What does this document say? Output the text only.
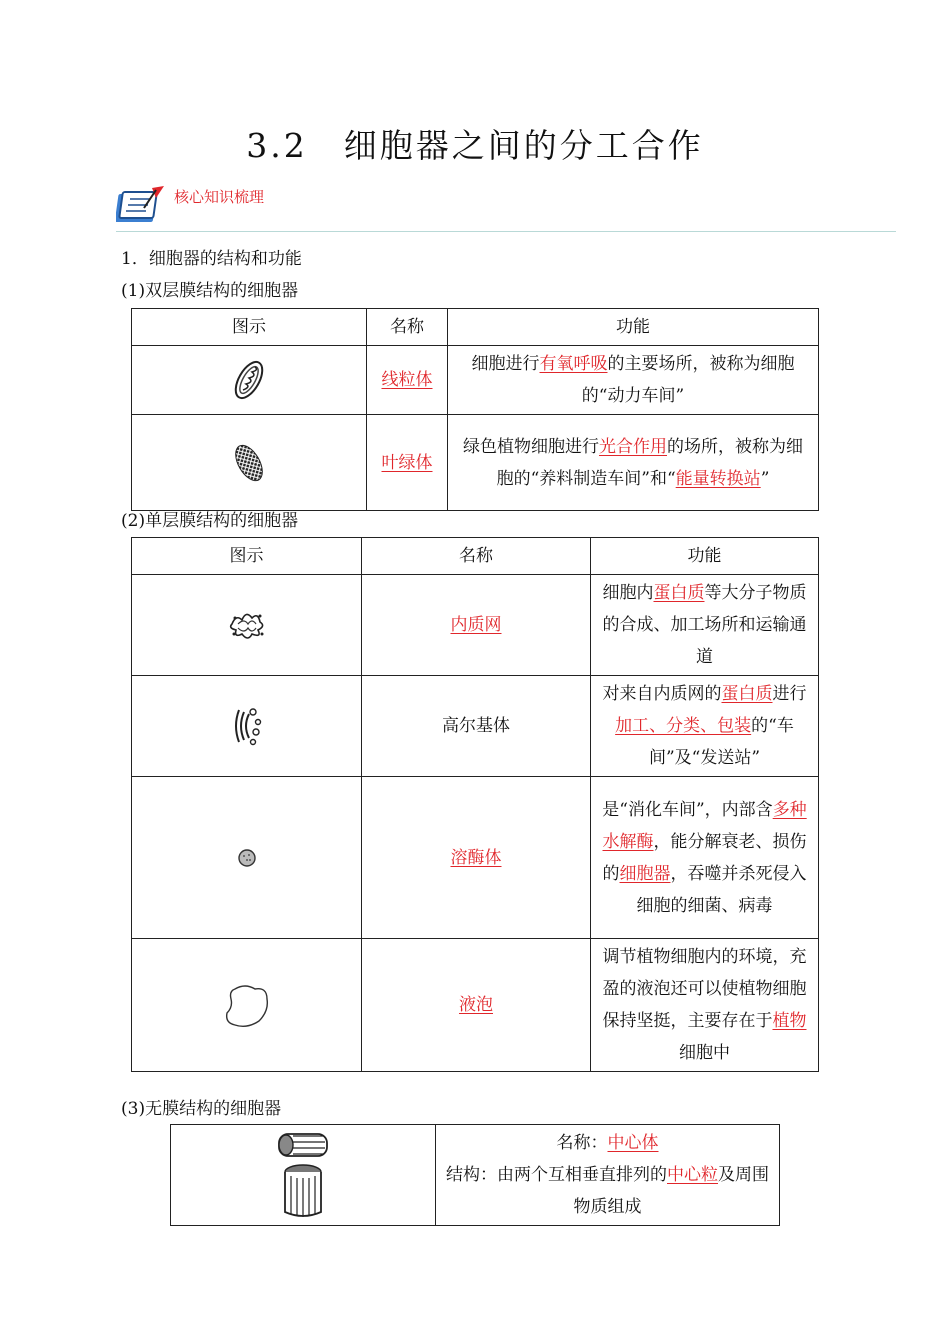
3.2　细胞器之间的分工合作
核心知识梳理
1．细胞器的结构和功能
(1)双层膜结构的细胞器
图示	名称	功能
	线粒体	细胞进行有氧呼吸的主要场所，被称为细胞的“动力车间”
	叶绿体	绿色植物细胞进行光合作用的场所，被称为细胞的“养料制造车间”和“能量转换站”
(2)单层膜结构的细胞器
图示	名称	功能
	内质网	细胞内蛋白质等大分子物质的合成、加工场所和运输通道
	高尔基体	对来自内质网的蛋白质进行加工、分类、包装的“车间”及“发送站”
	溶酶体	是“消化车间”，内部含多种水解酶，能分解衰老、损伤的细胞器，吞噬并杀死侵入细胞的细菌、病毒
	液泡	调节植物细胞内的环境，充盈的液泡还可以使植物细胞保持坚挺，主要存在于植物细胞中
(3)无膜结构的细胞器

名称：中心体
结构：由两个互相垂直排列的中心粒及周围物质组成
